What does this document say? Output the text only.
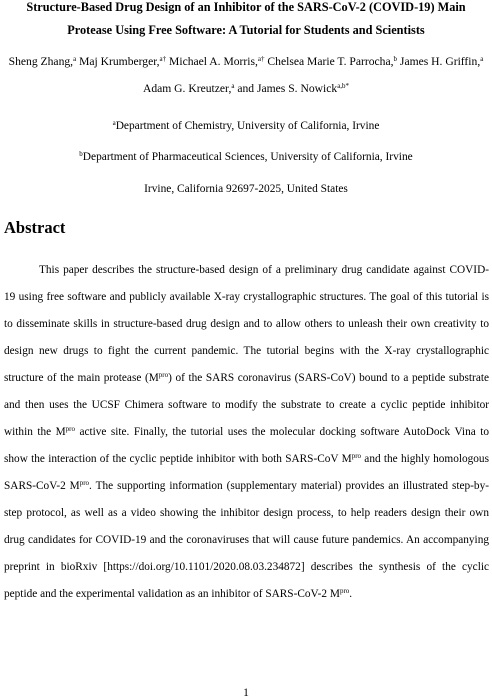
Structure-Based Drug Design of an Inhibitor of the SARS-CoV-2 (COVID-19) Main
Protease Using Free Software: A Tutorial for Students and Scientists
Sheng Zhang,$^a$ Maj Krumberger,$^{a\dagger}$ Michael A. Morris,$^{a\dagger}$ Chelsea Marie T. Parrocha,$^b$ James H. Griffin,$^a$
Adam G. Kreutzer,$^a$ and James S. Nowick$^{a,b*}$
$^a$Department of Chemistry, University of California, Irvine
$^b$Department of Pharmaceutical Sciences, University of California, Irvine
Irvine, California 92697-2025, United States
Abstract
This paper describes the structure-based design of a preliminary drug candidate against COVID-
19 using free software and publicly available X-ray crystallographic structures. The goal of this tutorial is
to disseminate skills in structure-based drug design and to allow others to unleash their own creativity to
design new drugs to fight the current pandemic. The tutorial begins with the X-ray crystallographic
structure of the main protease $(M^{pro})$ of the SARS coronavirus (SARS-CoV) bound to a peptide substrate
and then uses the UCSF Chimera software to modify the substrate to create a cyclic peptide inhibitor
within the $M^{pro}$ active site. Finally, the tutorial uses the molecular docking software AutoDock Vina to
show the interaction of the cyclic peptide inhibitor with both SARS-CoV $M^{pro}$ and the highly homologous
SARS-CoV-2 $M^{pro}$. The supporting information (supplementary material) provides an illustrated step-by-
step protocol, as well as a video showing the inhibitor design process, to help readers design their own
drug candidates for COVID-19 and the coronaviruses that will cause future pandemics. An accompanying
preprint in bioRxiv [https://doi.org/10.1101/2020.08.03.234872] describes the synthesis of the cyclic
peptide and the experimental validation as an inhibitor of SARS-CoV-2 $M^{pro}$.
1
